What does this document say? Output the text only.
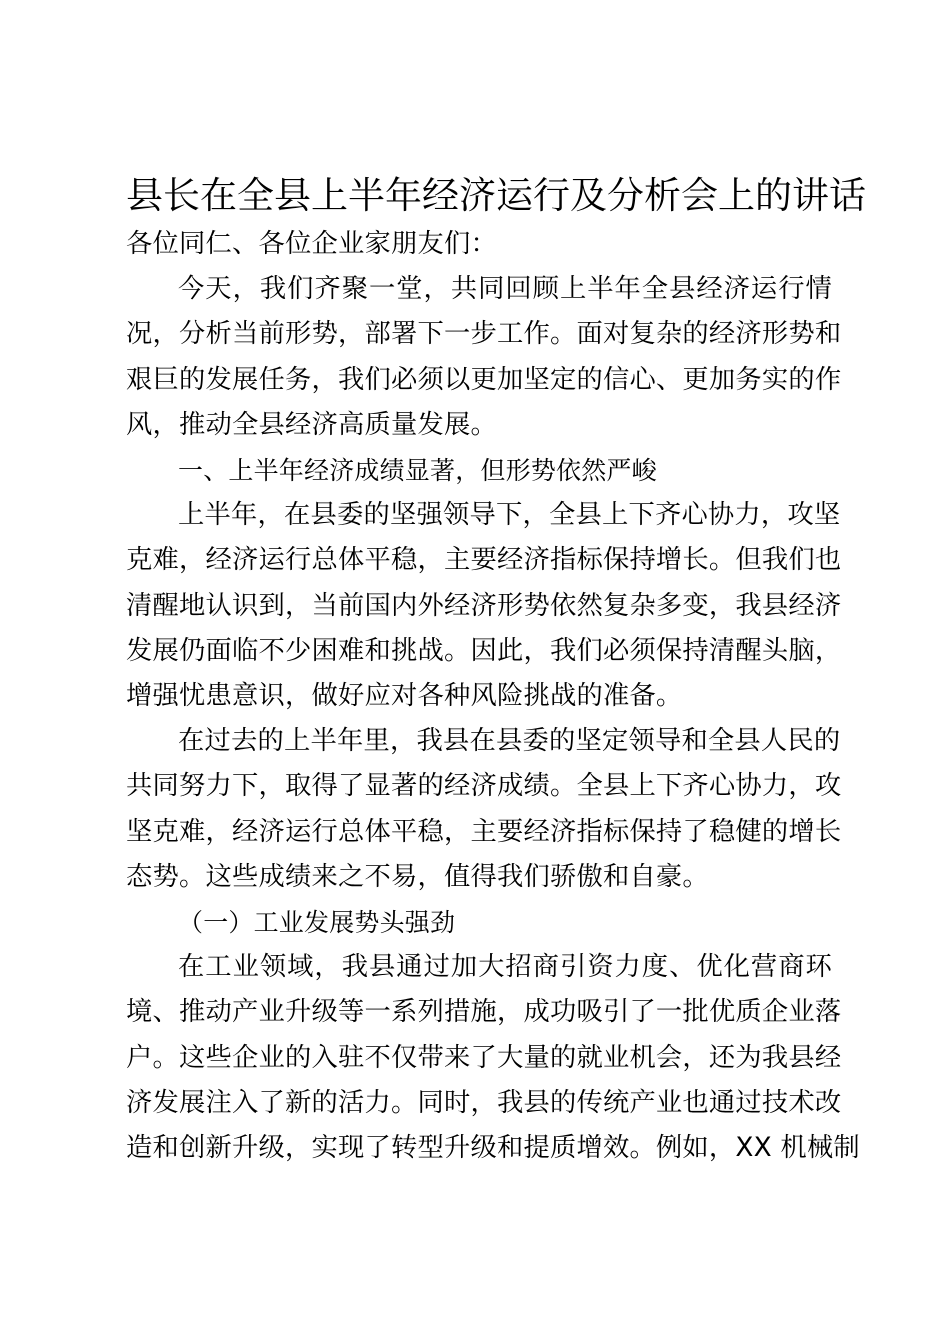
县长在全县上半年经济运行及分析会上的讲话

各位同仁、各位企业家朋友们：

今天，我们齐聚一堂，共同回顾上半年全县经济运行情
况，分析当前形势，部署下一步工作。面对复杂的经济形势和
艰巨的发展任务，我们必须以更加坚定的信心、更加务实的作
风，推动全县经济高质量发展。
一、上半年经济成绩显著，但形势依然严峻
上半年，在县委的坚强领导下，全县上下齐心协力，攻坚
克难，经济运行总体平稳，主要经济指标保持增长。但我们也
清醒地认识到，当前国内外经济形势依然复杂多变，我县经济
发展仍面临不少困难和挑战。因此，我们必须保持清醒头脑，
增强忧患意识，做好应对各种风险挑战的准备。
在过去的上半年里，我县在县委的坚定领导和全县人民的
共同努力下，取得了显著的经济成绩。全县上下齐心协力，攻
坚克难，经济运行总体平稳，主要经济指标保持了稳健的增长
态势。这些成绩来之不易，值得我们骄傲和自豪。
（一）工业发展势头强劲
在工业领域，我县通过加大招商引资力度、优化营商环
境、推动产业升级等一系列措施，成功吸引了一批优质企业落
户。这些企业的入驻不仅带来了大量的就业机会，还为我县经
济发展注入了新的活力。同时，我县的传统产业也通过技术改
造和创新升级，实现了转型升级和提质增效。例如，XX 机械制
